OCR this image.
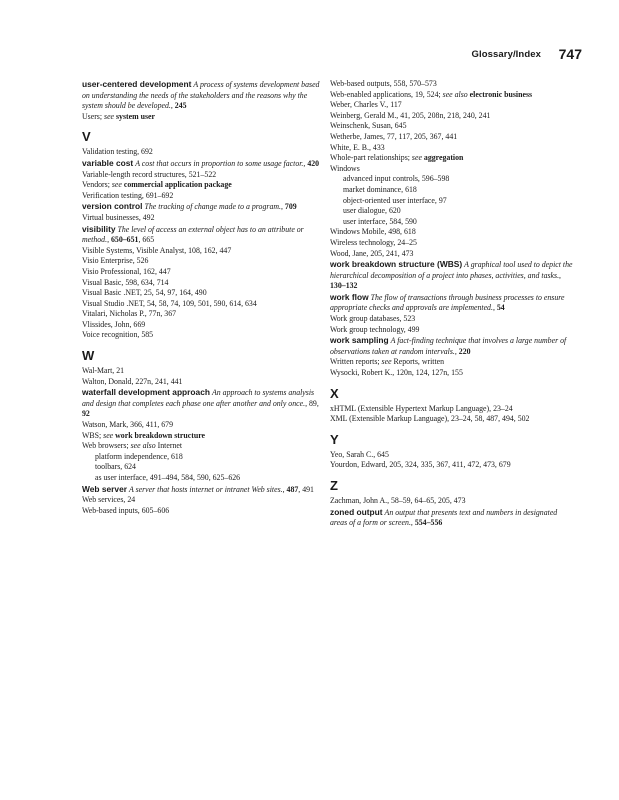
Glossary/Index 747
user-centered development A process of systems development based on understanding the needs of the stakeholders and the reasons why the system should be developed., 245
Users; see system user
V
Validation testing, 692
variable cost A cost that occurs in proportion to some usage factor., 420
Variable-length record structures, 521–522
Vendors; see commercial application package
Verification testing, 691–692
version control The tracking of change made to a program., 709
Virtual businesses, 492
visibility The level of access an external object has to an attribute or method., 650–651, 665
Visible Systems, Visible Analyst, 108, 162, 447
Visio Enterprise, 526
Visio Professional, 162, 447
Visual Basic, 598, 634, 714
Visual Basic .NET, 25, 54, 97, 164, 490
Visual Studio .NET, 54, 58, 74, 109, 501, 590, 614, 634
Vitalari, Nicholas P., 77n, 367
Vlissides, John, 669
Voice recognition, 585
W
Wal-Mart, 21
Walton, Donald, 227n, 241, 441
waterfall development approach An approach to systems analysis and design that completes each phase one after another and only once., 89, 92
Watson, Mark, 366, 411, 679
WBS; see work breakdown structure
Web browsers; see also Internet
platform independence, 618
toolbars, 624
as user interface, 491–494, 584, 590, 625–626
Web server A server that hosts internet or intranet Web sites., 487, 491
Web services, 24
Web-based inputs, 605–606
Web-based outputs, 558, 570–573
Web-enabled applications, 19, 524; see also electronic business
Weber, Charles V., 117
Weinberg, Gerald M., 41, 205, 208n, 218, 240, 241
Weinschenk, Susan, 645
Wetherbe, James, 77, 117, 205, 367, 441
White, E. B., 433
Whole-part relationships; see aggregation
Windows
advanced input controls, 596–598
market dominance, 618
object-oriented user interface, 97
user dialogue, 620
user interface, 584, 590
Windows Mobile, 498, 618
Wireless technology, 24–25
Wood, Jane, 205, 241, 473
work breakdown structure (WBS) A graphical tool used to depict the hierarchical decomposition of a project into phases, activities, and tasks., 130–132
work flow The flow of transactions through business processes to ensure appropriate checks and approvals are implemented., 54
Work group databases, 523
Work group technology, 499
work sampling A fact-finding technique that involves a large number of observations taken at random intervals., 220
Written reports; see Reports, written
Wysocki, Robert K., 120n, 124, 127n, 155
X
xHTML (Extensible Hypertext Markup Language), 23–24
XML (Extensible Markup Language), 23–24, 58, 487, 494, 502
Y
Yeo, Sarah C., 645
Yourdon, Edward, 205, 324, 335, 367, 411, 472, 473, 679
Z
Zachman, John A., 58–59, 64–65, 205, 473
zoned output An output that presents text and numbers in designated areas of a form or screen., 554–556
